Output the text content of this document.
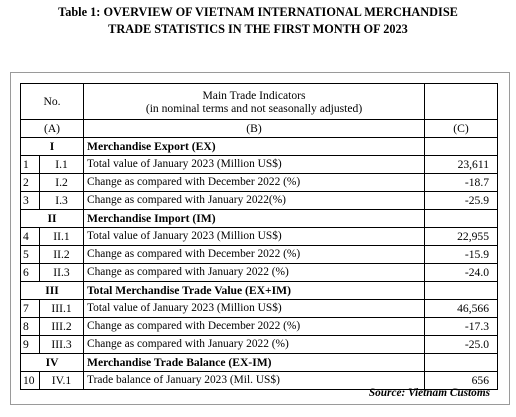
Table 1: OVERVIEW OF VIETNAM INTERNATIONAL MERCHANDISE
TRADE STATISTICS IN THE FIRST MONTH OF 2023
No.		Main Trade Indicators
(in nominal terms and not seasonally adjusted)	

(A)		(B)	(C)
I		Merchandise Export (EX)	
1	I.1	Total value of January 2023 (Million US$)	23,611
2	I.2	Change as compared with December 2022 (%)	-18.7
3	I.3	Change as compared with January 2022(%)	-25.9
II		Merchandise Import (IM)	
4	II.1	Total value of January 2023 (Million US$)	22,955
5	II.2	Change as compared with December 2022 (%)	-15.9
6	II.3	Change as compared with January 2022 (%)	-24.0
III		Total Merchandise Trade Value (EX+IM)	
7	III.1	Total value of January 2023 (Million US$)	46,566
8	III.2	Change as compared with December 2022 (%)	-17.3
9	III.3	Change as compared with January 2022 (%)	-25.0
IV		Merchandise Trade Balance (EX-IM)	
10	IV.1	Trade balance of January 2023 (Mil. US$)	656
Source: Vietnam Customs
